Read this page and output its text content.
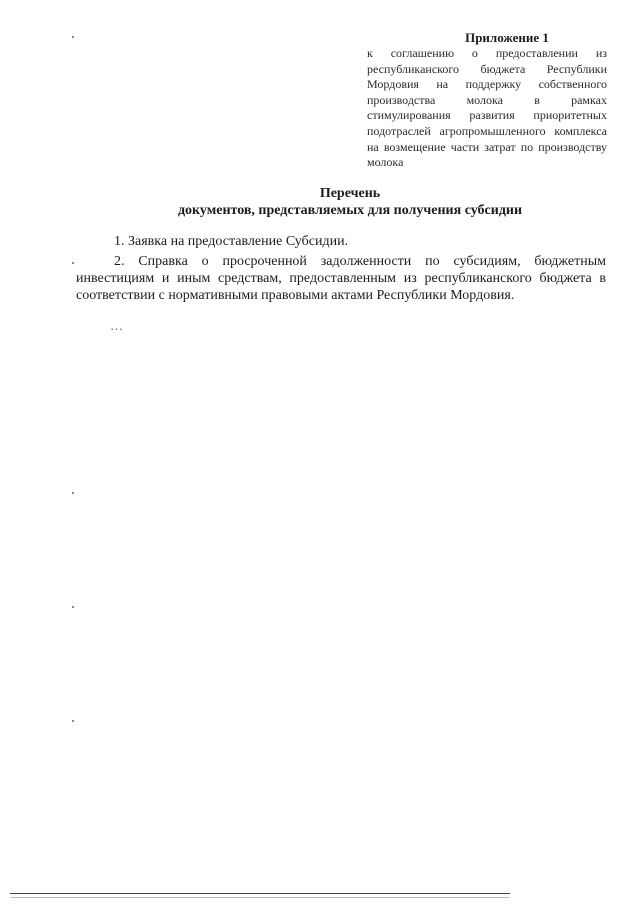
Приложение 1
к соглашению о предоставлении из республиканского бюджета Республики Мордовия на поддержку собственного производства молока в рамках стимулирования развития приоритетных подотраслей агропромышленного комплекса на возмещение части затрат по производству молока
Перечень
документов, представляемых для получения субсидии

1. Заявка на предоставление Субсидии.

2. Справка о просроченной задолженности по субсидиям, бюджетным инвестициям и иным средствам, предоставленным из республиканского бюджета в соответствии с нормативными правовыми актами Республики Мордовия.

…
